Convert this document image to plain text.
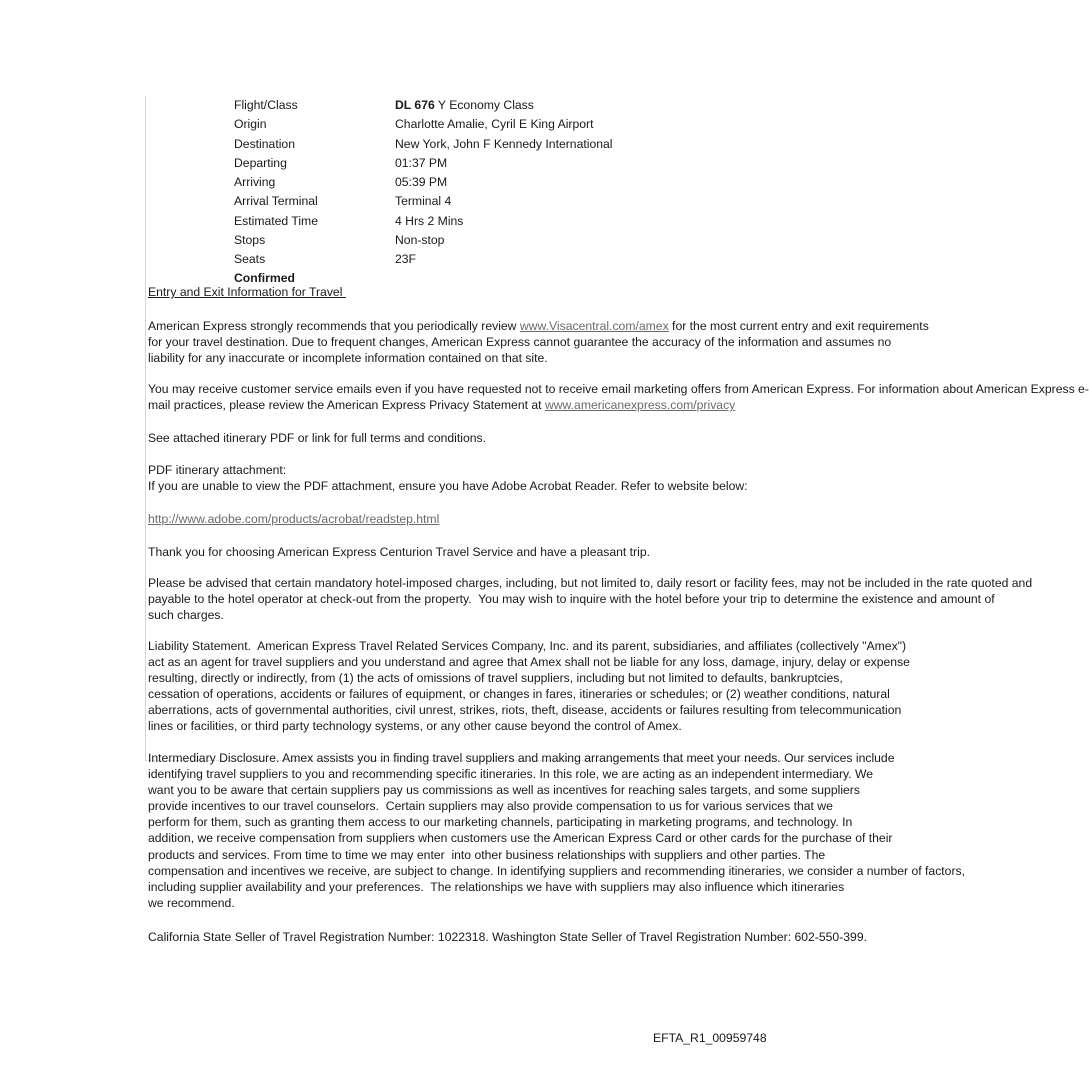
Flight/Class	DL 676 Y Economy Class
Origin	Charlotte Amalie, Cyril E King Airport
Destination	New York, John F Kennedy International
Departing	01:37 PM
Arriving	05:39 PM
Arrival Terminal	Terminal 4
Estimated Time	4 Hrs 2 Mins
Stops	Non-stop
Seats	23F
Confirmed
Entry and Exit Information for Travel
American Express strongly recommends that you periodically review www.Visacentral.com/amex for the most current entry and exit requirements
for your travel destination. Due to frequent changes, American Express cannot guarantee the accuracy of the information and assumes no
liability for any inaccurate or incomplete information contained on that site.
You may receive customer service emails even if you have requested not to receive email marketing offers from American Express. For information about American Express e-
mail practices, please review the American Express Privacy Statement at www.americanexpress.com/privacy
See attached itinerary PDF or link for full terms and conditions.
PDF itinerary attachment:
If you are unable to view the PDF attachment, ensure you have Adobe Acrobat Reader. Refer to website below:
http://www.adobe.com/products/acrobat/readstep.html
Thank you for choosing American Express Centurion Travel Service and have a pleasant trip.
Please be advised that certain mandatory hotel-imposed charges, including, but not limited to, daily resort or facility fees, may not be included in the rate quoted and
payable to the hotel operator at check-out from the property.  You may wish to inquire with the hotel before your trip to determine the existence and amount of
such charges.
Liability Statement.  American Express Travel Related Services Company, Inc. and its parent, subsidiaries, and affiliates (collectively "Amex")
act as an agent for travel suppliers and you understand and agree that Amex shall not be liable for any loss, damage, injury, delay or expense
resulting, directly or indirectly, from (1) the acts of omissions of travel suppliers, including but not limited to defaults, bankruptcies,
cessation of operations, accidents or failures of equipment, or changes in fares, itineraries or schedules; or (2) weather conditions, natural
aberrations, acts of governmental authorities, civil unrest, strikes, riots, theft, disease, accidents or failures resulting from telecommunication
lines or facilities, or third party technology systems, or any other cause beyond the control of Amex.
Intermediary Disclosure. Amex assists you in finding travel suppliers and making arrangements that meet your needs. Our services include
identifying travel suppliers to you and recommending specific itineraries. In this role, we are acting as an independent intermediary. We
want you to be aware that certain suppliers pay us commissions as well as incentives for reaching sales targets, and some suppliers
provide incentives to our travel counselors.  Certain suppliers may also provide compensation to us for various services that we
perform for them, such as granting them access to our marketing channels, participating in marketing programs, and technology. In
addition, we receive compensation from suppliers when customers use the American Express Card or other cards for the purchase of their
products and services. From time to time we may enter  into other business relationships with suppliers and other parties. The
compensation and incentives we receive, are subject to change. In identifying suppliers and recommending itineraries, we consider a number of factors,
including supplier availability and your preferences.  The relationships we have with suppliers may also influence which itineraries
we recommend.
California State Seller of Travel Registration Number: 1022318. Washington State Seller of Travel Registration Number: 602-550-399.
EFTA_R1_00959748
